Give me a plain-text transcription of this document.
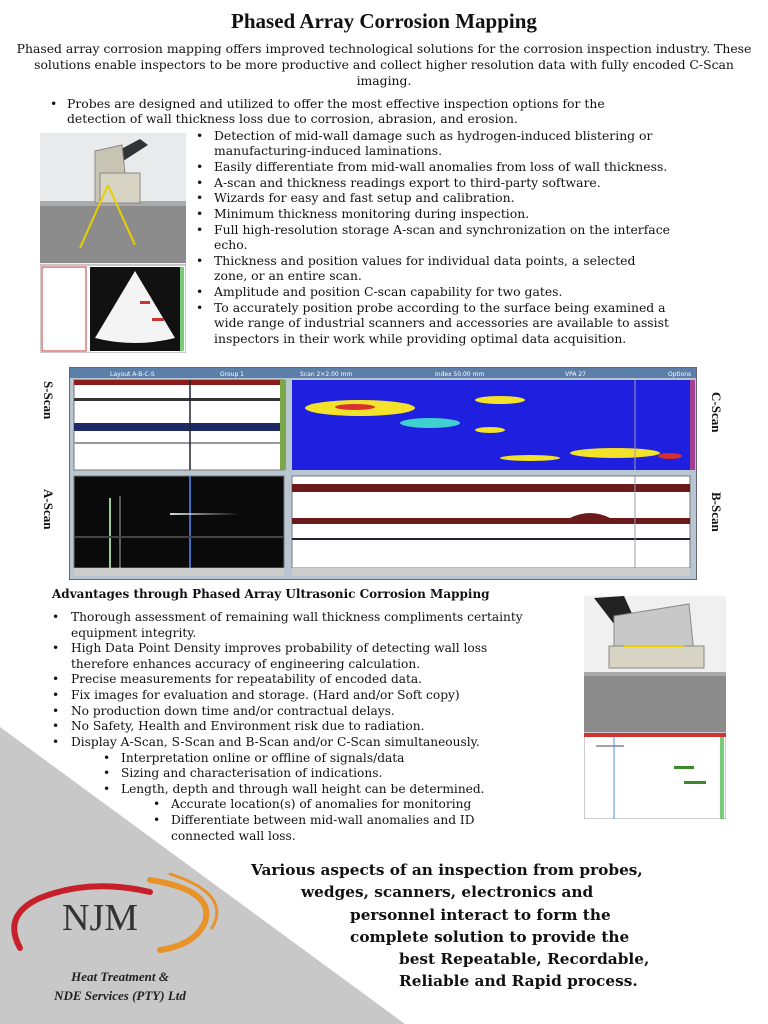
Phased Array Corrosion Mapping
Phased array corrosion mapping offers improved technological solutions for the corrosion inspection industry. These solutions enable inspectors to be more productive and collect higher resolution data with fully encoded C-Scan imaging.
• Probes are designed and utilized to offer the most effective inspection options for the
detection of wall thickness loss due to corrosion, abrasion, and erosion.
• Detection of mid-wall damage such as hydrogen-induced blistering or
manufacturing-induced laminations.
• Easily differentiate from mid-wall anomalies from loss of wall thickness.
• A-scan and thickness readings export to third-party software.
• Wizards for easy and fast setup and calibration.
• Minimum thickness monitoring during inspection.
• Full high-resolution storage A-scan and synchronization on the interface
echo.
• Thickness and position values for individual data points, a selected
zone, or an entire scan.
• Amplitude and position C-scan capability for two gates.
• To accurately position probe according to the surface being examined a
wide range of industrial scanners and accessories are available to assist
inspectors in their work while providing optimal data acquisition.
Layout A-B-C-S	Group 1	Scan 2×2.00 mm	Index 50.00 mm	VPA 27	Options
S-Scan
A-Scan
C-Scan
B-Scan
Advantages through Phased Array Ultrasonic Corrosion Mapping
• Thorough assessment of remaining wall thickness compliments certainty
equipment integrity.
• High Data Point Density improves probability of detecting wall loss
therefore enhances accuracy of engineering calculation.
• Precise measurements for repeatability of encoded data.
• Fix images for evaluation and storage. (Hard and/or Soft copy)
• No production down time and/or contractual delays.
• No Safety, Health and Environment risk due to radiation.
• Display A-Scan, S-Scan and B-Scan and/or C-Scan simultaneously.
• Interpretation online or offline of signals/data
• Sizing and characterisation of indications.
• Length, depth and through wall height can be determined.
• Accurate location(s) of anomalies for monitoring
• Differentiate between mid-wall anomalies and ID
connected wall loss.
Various aspects of an inspection from probes,
wedges, scanners, electronics and
personnel interact to form the
complete solution to provide the
best Repeatable, Recordable,
Reliable and Rapid process.
NJM
Heat Treatment &
NDE Services (PTY) Ltd
